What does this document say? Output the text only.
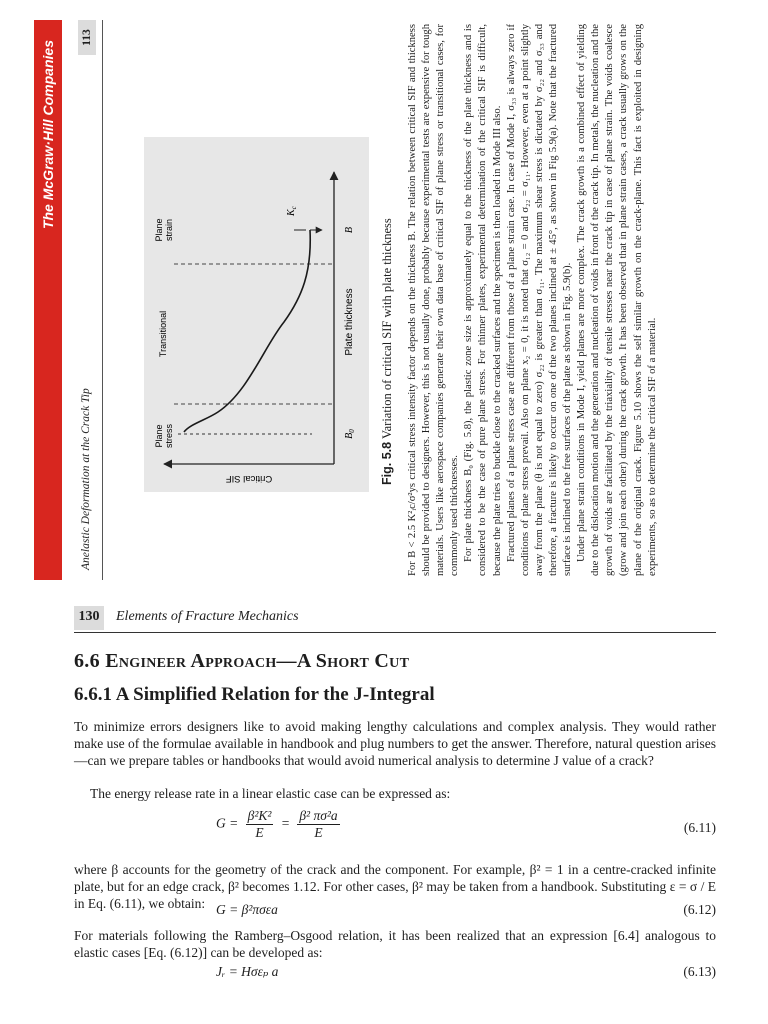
The McGraw·Hill Companies

Anelastic Deformation at the Crack Tip
113
Critical SIF
Plate thickness
$B_0$
B
$K_c$
Plane stress
Transitional
Plane strain

Fig. 5.8 Variation of critical SIF with plate thickness For B < 2.5 K²ᵢc/σ²ys critical stress intensity factor depends on the thickness B. The relation between critical SIF and thickness should be provided to designers. However, this is not usually done, probably because experimental tests are expensive for tough materials. Users like aerospace companies generate their own data base of critical SIF of plane stress or transitional cases, for commonly used thicknesses. For plate thickness B₀ (Fig. 5.8), the plastic zone size is approximately equal to the thickness of the plate thickness and is considered to be the case of pure plane stress. For thinner plates, experimental determination of the critical SIF is difficult, because the plate tries to buckle close to the cracked surfaces and the specimen is then loaded in Mode III also. Fractured planes of a plane stress case are different from those of a plane strain case. In case of Mode I, σ₃₃ is always zero if conditions of plane stress prevail. Also on plane x₂ = 0, it is noted that σ₁₂ = 0 and σ₂₂ = σ₁₁. However, even at a point slightly away from the plane (θ is not equal to zero) σ₂₂ is greater than σ₁₁. The maximum shear stress is dictated by σ₂₂ and σ₃₃ and therefore, a fracture is likely to occur on one of the two planes inclined at ± 45°, as shown in Fig 5.9(a). Note that the fractured surface is inclined to the free surfaces of the plate as shown in Fig. 5.9(b). Under plane strain conditions in Mode I, yield planes are more complex. The crack growth is a combined effect of yielding due to the dislocation motion and the generation and nucleation of voids in front of the crack tip. In metals, the nucleation and the growth of voids are facilitated by the triaxiality of tensile stresses near the crack tip in case of plane strain. The voids coalesce (grow and join each other) during the crack growth. It has been observed that in plane strain cases, a crack usually grows on the plane of the original crack. Figure 5.10 shows the self similar growth on the crack-plane. This fact is exploited in designing experiments, so as to determine the critical SIF of a material.

130	Elements of Fracture Mechanics

6.6 Engineer Approach—A Short Cut
6.6.1 A Simplified Relation for the J-Integral

To minimize errors designers like to avoid making lengthy calculations and complex analysis. They would rather make use of the formulae available in handbook and plug numbers to get the answer. Therefore, natural question arises—can we prepare tables or handbooks that would avoid numerical analysis to determine J value of a crack?

The energy release rate in a linear elastic case can be expressed as:

$G = \frac{\text{β²K²}}{E} = \frac{\text{β² πσ²a}}{E}$	(6.11)

where β accounts for the geometry of the crack and the component. For example, β² = 1 in a centre-cracked infinite plate, but for an edge crack, β² becomes 1.12. For other cases, β² may be taken from a handbook. Substituting ε = σ / E in Eq. (6.11), we obtain: G = β²πσεa	(6.12)

For materials following the Ramberg–Osgood relation, it has been realized that an expression [6.4] analogous to elastic cases [Eq. (6.12)] can be developed as:

Jᵣ = Hσεₚ a	(6.13)
